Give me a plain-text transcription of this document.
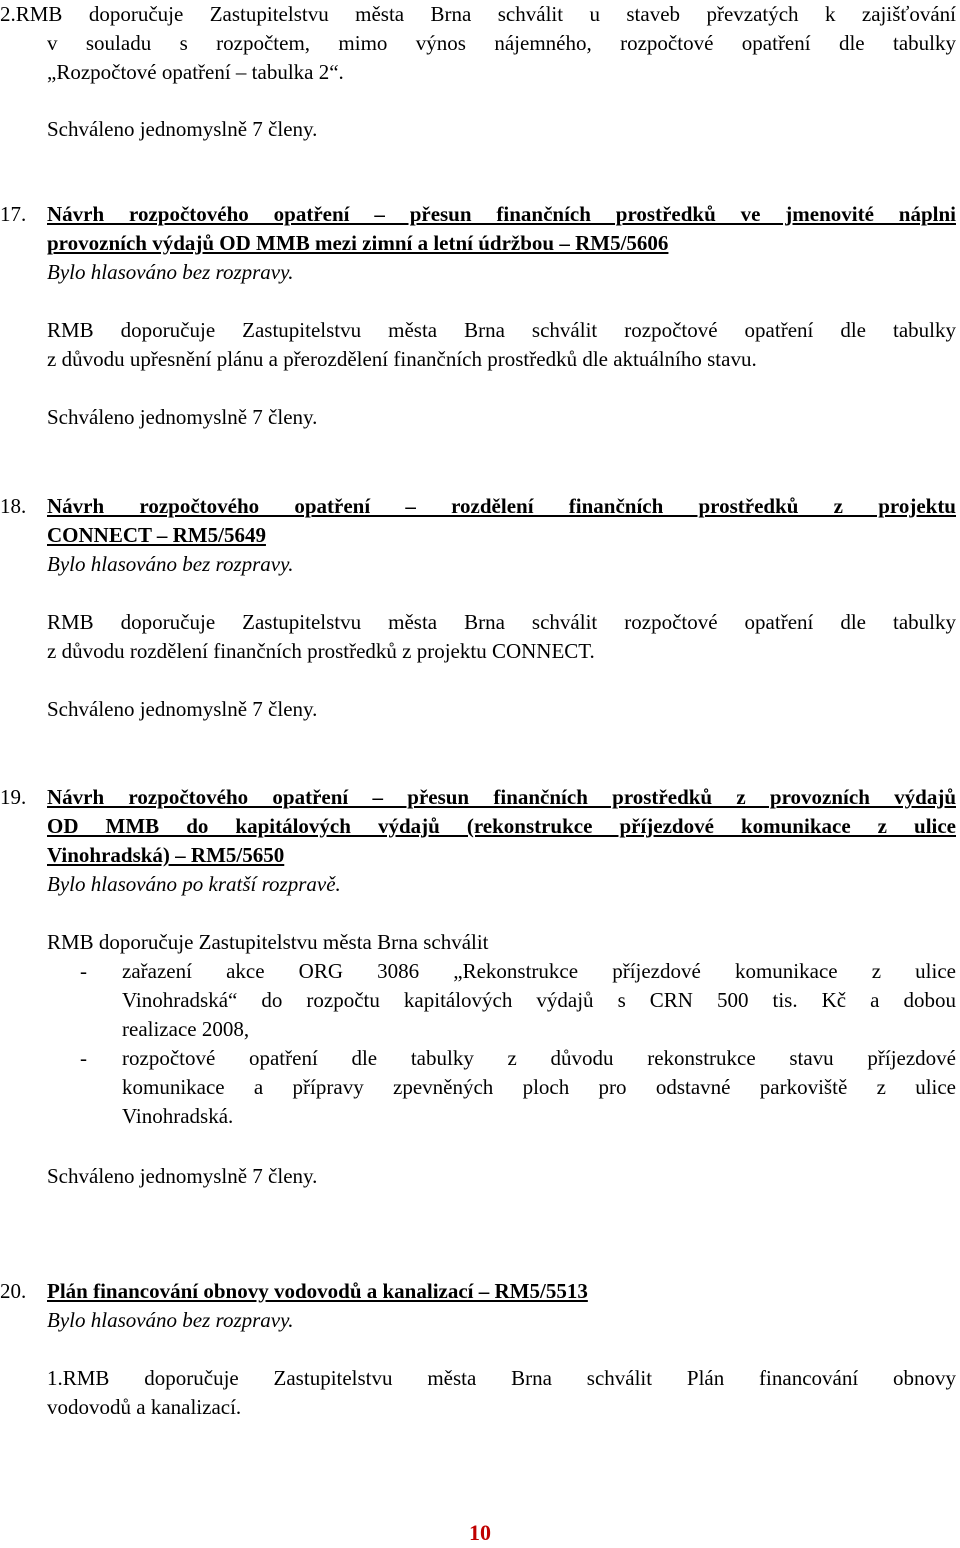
2.RMB doporučuje Zastupitelstvu města Brna schválit u staveb převzatých k zajišťování
v souladu s rozpočtem, mimo výnos nájemného, rozpočtové opatření dle tabulky
„Rozpočtové opatření – tabulka 2“.
Schváleno jednomyslně 7 členy.
17. Návrh rozpočtového opatření – přesun finančních prostředků ve jmenovité náplni
provozních výdajů OD MMB mezi zimní a letní údržbou – RM5/5606
Bylo hlasováno bez rozpravy.
RMB doporučuje Zastupitelstvu města Brna schválit rozpočtové opatření dle tabulky
z důvodu upřesnění plánu a přerozdělení finančních prostředků dle aktuálního stavu.
Schváleno jednomyslně 7 členy.
18. Návrh rozpočtového opatření – rozdělení finančních prostředků z projektu
CONNECT – RM5/5649
Bylo hlasováno bez rozpravy.
RMB doporučuje Zastupitelstvu města Brna schválit rozpočtové opatření dle tabulky
z důvodu rozdělení finančních prostředků z projektu CONNECT.
Schváleno jednomyslně 7 členy.
19. Návrh rozpočtového opatření – přesun finančních prostředků z provozních výdajů
OD MMB do kapitálových výdajů (rekonstrukce příjezdové komunikace z ulice
Vinohradská) – RM5/5650
Bylo hlasováno po kratší rozpravě.
RMB doporučuje Zastupitelstvu města Brna schválit
- zařazení akce ORG 3086 „Rekonstrukce příjezdové komunikace z ulice
Vinohradská“ do rozpočtu kapitálových výdajů s CRN 500 tis. Kč a dobou
realizace 2008,
- rozpočtové opatření dle tabulky z důvodu rekonstrukce stavu příjezdové
komunikace a přípravy zpevněných ploch pro odstavné parkoviště z ulice
Vinohradská.
Schváleno jednomyslně 7 členy.
20. Plán financování obnovy vodovodů a kanalizací – RM5/5513
Bylo hlasováno bez rozpravy.
1.RMB doporučuje Zastupitelstvu města Brna schválit Plán financování obnovy
vodovodů a kanalizací.
10
